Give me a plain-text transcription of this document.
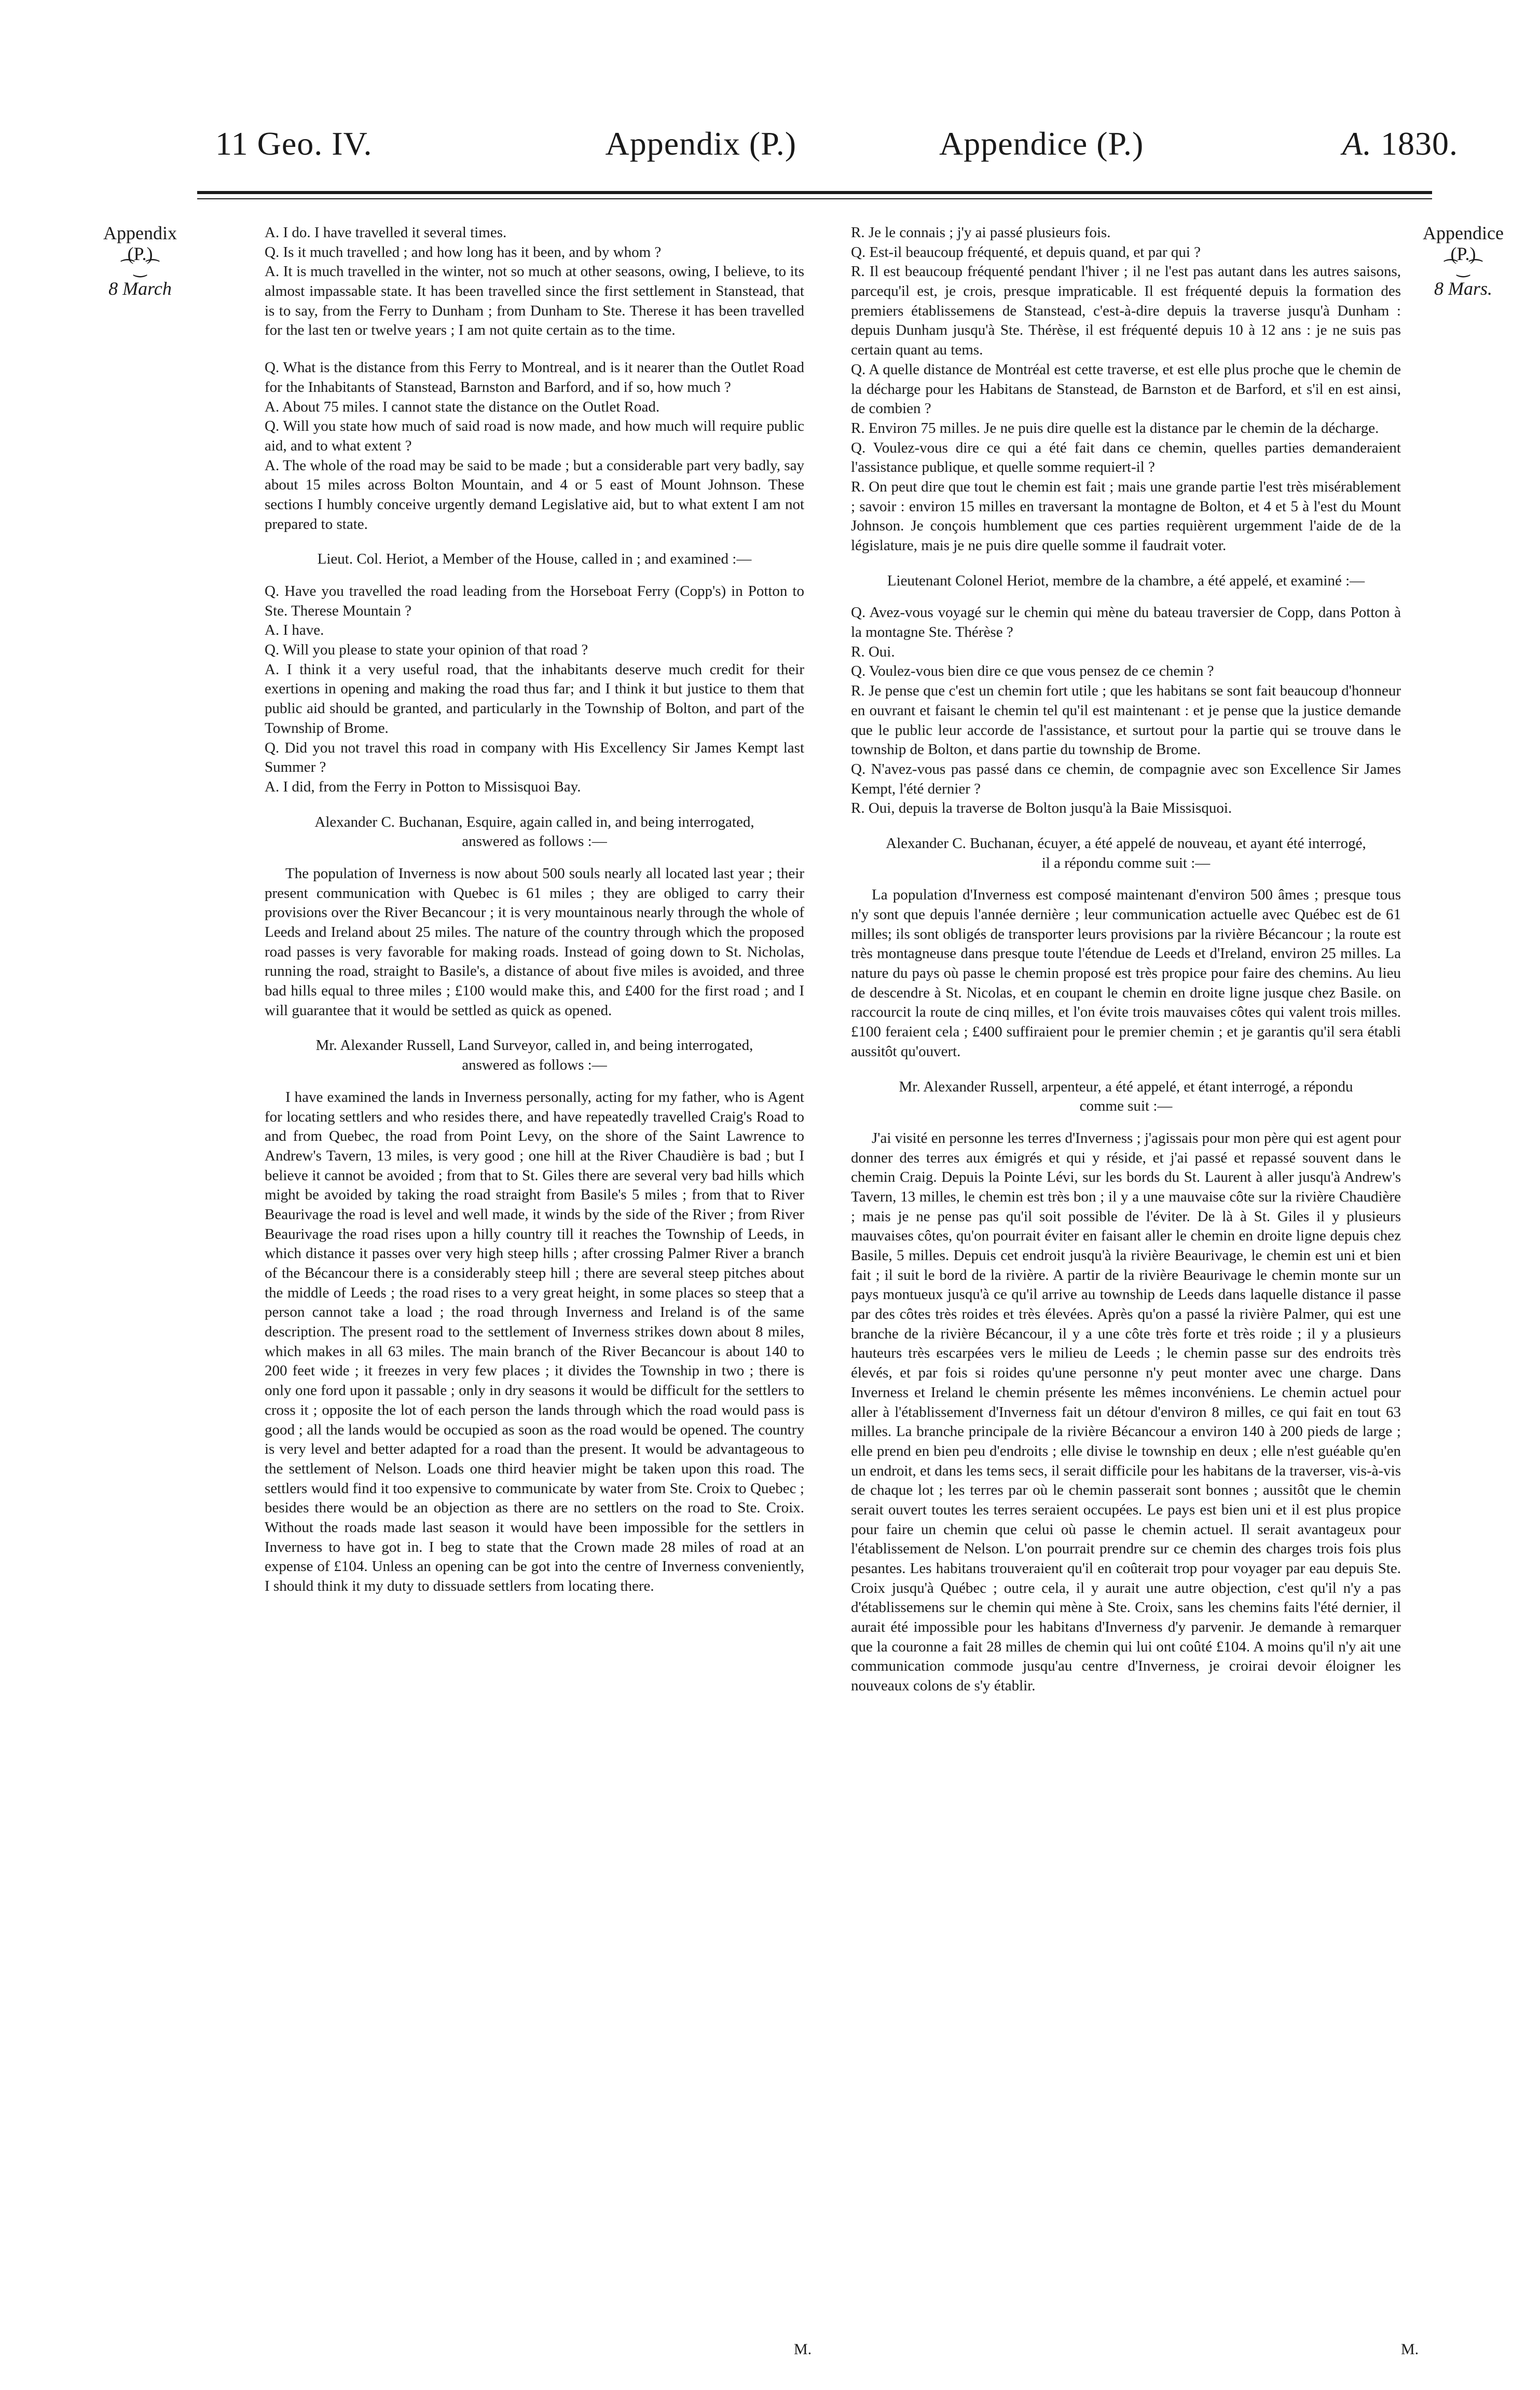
11 Geo. IV.	Appendix (P.)	Appendice (P.)	A. 1830.
Appendix
(P.)
⁀‿⁀
8 March
Appendice
(P.)
⁀‿⁀
8 Mars.

A. I do. I have travelled it several times.

Q. Is it much travelled ; and how long has it been, and by whom ?

A. It is much travelled in the winter, not so much at other seasons, owing, I believe, to its almost impassable state. It has been travelled since the first settlement in Stanstead, that is to say, from the Ferry to Dunham ; from Dunham to Ste. Therese it has been travelled for the last ten or twelve years ; I am not quite certain as to the time.

Q. What is the distance from this Ferry to Montreal, and is it nearer than the Outlet Road for the Inhabitants of Stanstead, Barnston and Barford, and if so, how much ?

A. About 75 miles. I cannot state the distance on the Outlet Road.

Q. Will you state how much of said road is now made, and how much will require public aid, and to what extent ?

A. The whole of the road may be said to be made ; but a considerable part very badly, say about 15 miles across Bolton Mountain, and 4 or 5 east of Mount Johnson. These sections I humbly conceive urgently demand Legislative aid, but to what extent I am not prepared to state.

Lieut. Col. Heriot, a Member of the House, called in ; and examined :—

Q. Have you travelled the road leading from the Horseboat Ferry (Copp's) in Potton to Ste. Therese Mountain ?

A. I have.

Q. Will you please to state your opinion of that road ?

A. I think it a very useful road, that the inhabitants deserve much credit for their exertions in opening and making the road thus far; and I think it but justice to them that public aid should be granted, and particularly in the Township of Bolton, and part of the Township of Brome.

Q. Did you not travel this road in company with His Excellency Sir James Kempt last Summer ?

A. I did, from the Ferry in Potton to Missisquoi Bay.

Alexander C. Buchanan, Esquire, again called in, and being interrogated, answered as follows :—

The population of Inverness is now about 500 souls nearly all located last year ; their present communication with Quebec is 61 miles ; they are obliged to carry their provisions over the River Becancour ; it is very mountainous nearly through the whole of Leeds and Ireland about 25 miles. The nature of the country through which the proposed road passes is very favorable for making roads. Instead of going down to St. Nicholas, running the road, straight to Basile's, a distance of about five miles is avoided, and three bad hills equal to three miles ; £100 would make this, and £400 for the first road ; and I will guarantee that it would be settled as quick as opened.

Mr. Alexander Russell, Land Surveyor, called in, and being interrogated, answered as follows :—

I have examined the lands in Inverness personally, acting for my father, who is Agent for locating settlers and who resides there, and have repeatedly travelled Craig's Road to and from Quebec, the road from Point Levy, on the shore of the Saint Lawrence to Andrew's Tavern, 13 miles, is very good ; one hill at the River Chaudière is bad ; but I believe it cannot be avoided ; from that to St. Giles there are several very bad hills which might be avoided by taking the road straight from Basile's 5 miles ; from that to River Beaurivage the road is level and well made, it winds by the side of the River ; from River Beaurivage the road rises upon a hilly country till it reaches the Township of Leeds, in which distance it passes over very high steep hills ; after crossing Palmer River a branch of the Bécancour there is a considerably steep hill ; there are several steep pitches about the middle of Leeds ; the road rises to a very great height, in some places so steep that a person cannot take a load ; the road through Inverness and Ireland is of the same description. The present road to the settlement of Inverness strikes down about 8 miles, which makes in all 63 miles. The main branch of the River Becancour is about 140 to 200 feet wide ; it freezes in very few places ; it divides the Township in two ; there is only one ford upon it passable ; only in dry seasons it would be difficult for the settlers to cross it ; opposite the lot of each person the lands through which the road would pass is good ; all the lands would be occupied as soon as the road would be opened. The country is very level and better adapted for a road than the present. It would be advantageous to the settlement of Nelson. Loads one third heavier might be taken upon this road. The settlers would find it too expensive to communicate by water from Ste. Croix to Quebec ; besides there would be an objection as there are no settlers on the road to Ste. Croix. Without the roads made last season it would have been impossible for the settlers in Inverness to have got in. I beg to state that the Crown made 28 miles of road at an expense of £104. Unless an opening can be got into the centre of Inverness conveniently, I should think it my duty to dissuade settlers from locating there.

R. Je le connais ; j'y ai passé plusieurs fois.

Q. Est-il beaucoup fréquenté, et depuis quand, et par qui ?

R. Il est beaucoup fréquenté pendant l'hiver ; il ne l'est pas autant dans les autres saisons, parcequ'il est, je crois, presque impraticable. Il est fréquenté depuis la formation des premiers établissemens de Stanstead, c'est-à-dire depuis la traverse jusqu'à Dunham : depuis Dunham jusqu'à Ste. Thérèse, il est fréquenté depuis 10 à 12 ans : je ne suis pas certain quant au tems.

Q. A quelle distance de Montréal est cette traverse, et est elle plus proche que le chemin de la décharge pour les Habitans de Stanstead, de Barnston et de Barford, et s'il en est ainsi, de combien ?

R. Environ 75 milles. Je ne puis dire quelle est la distance par le chemin de la décharge.

Q. Voulez-vous dire ce qui a été fait dans ce chemin, quelles parties demanderaient l'assistance publique, et quelle somme requiert-il ?

R. On peut dire que tout le chemin est fait ; mais une grande partie l'est très misérablement ; savoir : environ 15 milles en traversant la montagne de Bolton, et 4 et 5 à l'est du Mount Johnson. Je conçois humblement que ces parties requièrent urgemment l'aide de de la législature, mais je ne puis dire quelle somme il faudrait voter.

Lieutenant Colonel Heriot, membre de la chambre, a été appelé, et examiné :—

Q. Avez-vous voyagé sur le chemin qui mène du bateau traversier de Copp, dans Potton à la montagne Ste. Thérèse ?

R. Oui.

Q. Voulez-vous bien dire ce que vous pensez de ce chemin ?

R. Je pense que c'est un chemin fort utile ; que les habitans se sont fait beaucoup d'honneur en ouvrant et faisant le chemin tel qu'il est maintenant : et je pense que la justice demande que le public leur accorde de l'assistance, et surtout pour la partie qui se trouve dans le township de Bolton, et dans partie du township de Brome.

Q. N'avez-vous pas passé dans ce chemin, de compagnie avec son Excellence Sir James Kempt, l'été dernier ?

R. Oui, depuis la traverse de Bolton jusqu'à la Baie Missisquoi.

Alexander C. Buchanan, écuyer, a été appelé de nouveau, et ayant été interrogé, il a répondu comme suit :—

La population d'Inverness est composé maintenant d'environ 500 âmes ; presque tous n'y sont que depuis l'année dernière ; leur communication actuelle avec Québec est de 61 milles; ils sont obligés de transporter leurs provisions par la rivière Bécancour ; la route est très montagneuse dans presque toute l'étendue de Leeds et d'Ireland, environ 25 milles. La nature du pays où passe le chemin proposé est très propice pour faire des chemins. Au lieu de descendre à St. Nicolas, et en coupant le chemin en droite ligne jusque chez Basile. on raccourcit la route de cinq milles, et l'on évite trois mauvaises côtes qui valent trois milles. £100 feraient cela ; £400 suffiraient pour le premier chemin ; et je garantis qu'il sera établi aussitôt qu'ouvert.

Mr. Alexander Russell, arpenteur, a été appelé, et étant interrogé, a répondu comme suit :—

J'ai visité en personne les terres d'Inverness ; j'agissais pour mon père qui est agent pour donner des terres aux émigrés et qui y réside, et j'ai passé et repassé souvent dans le chemin Craig. Depuis la Pointe Lévi, sur les bords du St. Laurent à aller jusqu'à Andrew's Tavern, 13 milles, le chemin est très bon ; il y a une mauvaise côte sur la rivière Chaudière ; mais je ne pense pas qu'il soit possible de l'éviter. De là à St. Giles il y plusieurs mauvaises côtes, qu'on pourrait éviter en faisant aller le chemin en droite ligne depuis chez Basile, 5 milles. Depuis cet endroit jusqu'à la rivière Beaurivage, le chemin est uni et bien fait ; il suit le bord de la rivière. A partir de la rivière Beaurivage le chemin monte sur un pays montueux jusqu'à ce qu'il arrive au township de Leeds dans laquelle distance il passe par des côtes très roides et très élevées. Après qu'on a passé la rivière Palmer, qui est une branche de la rivière Bécancour, il y a une côte très forte et très roide ; il y a plusieurs hauteurs très escarpées vers le milieu de Leeds ; le chemin passe sur des endroits très élevés, et par fois si roides qu'une personne n'y peut monter avec une charge. Dans Inverness et Ireland le chemin présente les mêmes inconvéniens. Le chemin actuel pour aller à l'établissement d'Inverness fait un détour d'environ 8 milles, ce qui fait en tout 63 milles. La branche principale de la rivière Bécancour a environ 140 à 200 pieds de large ; elle prend en bien peu d'endroits ; elle divise le township en deux ; elle n'est guéable qu'en un endroit, et dans les tems secs, il serait difficile pour les habitans de la traverser, vis-à-vis de chaque lot ; les terres par où le chemin passerait sont bonnes ; aussitôt que le chemin serait ouvert toutes les terres seraient occupées. Le pays est bien uni et il est plus propice pour faire un chemin que celui où passe le chemin actuel. Il serait avantageux pour l'établissement de Nelson. L'on pourrait prendre sur ce chemin des charges trois fois plus pesantes. Les habitans trouveraient qu'il en coûterait trop pour voyager par eau depuis Ste. Croix jusqu'à Québec ; outre cela, il y aurait une autre objection, c'est qu'il n'y a pas d'établissemens sur le chemin qui mène à Ste. Croix, sans les chemins faits l'été dernier, il aurait été impossible pour les habitans d'Inverness d'y parvenir. Je demande à remarquer que la couronne a fait 28 milles de chemin qui lui ont coûté £104. A moins qu'il n'y ait une communication commode jusqu'au centre d'Inverness, je croirai devoir éloigner les nouveaux colons de s'y établir.

M.	M.
